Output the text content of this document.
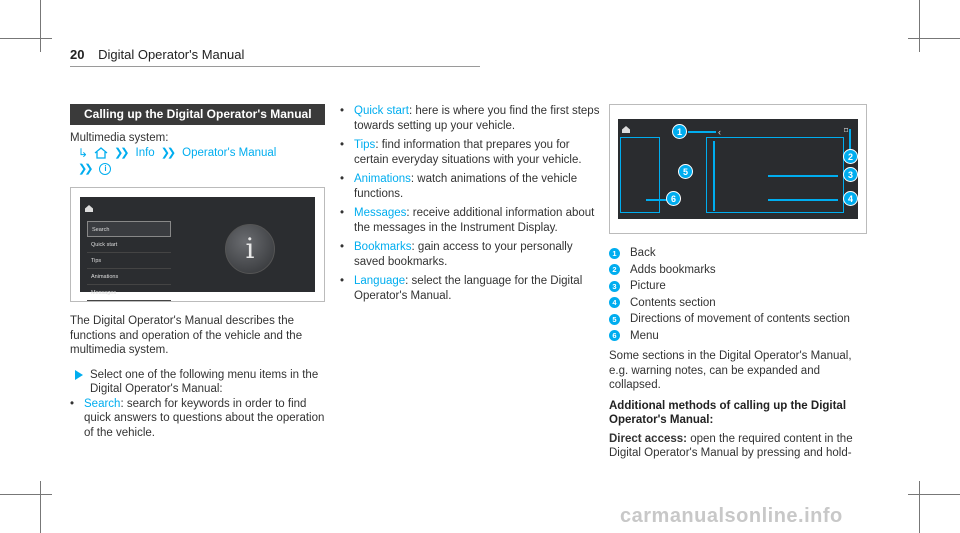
20 Digital Operator's Manual
Calling up the Digital Operator's Manual
Multimedia system:
↳ ❯❯ Info ❯❯ Operator's Manual
❯❯	i
Search
Quick start
Tips
Animations
Messages
i
The Digital Operator's Manual describes the functions and operation of the vehicle and the multimedia system.
Select one of the following menu items in the Digital Operator's Manual:
• Search: search for keywords in order to find quick answers to questions about the operation of the vehicle.
• Quick start: here is where you find the first steps towards setting up your vehicle.
• Tips: find information that prepares you for certain everyday situations with your vehicle.
• Animations: watch animations of the vehicle functions.
• Messages: receive additional information about the messages in the Instrument Display.
• Bookmarks: gain access to your personally saved bookmarks.
• Language: select the language for the Digital Operator's Manual.
‹	⌑
1
2
3
4
5
6
1 Back
2 Adds bookmarks
3 Picture
4 Contents section
5 Directions of movement of contents section
6 Menu
Some sections in the Digital Operator's Manual, e.g. warning notes, can be expanded and collapsed.
Additional methods of calling up the Digital Operator's Manual:
Direct access: open the required content in the Digital Operator's Manual by pressing and hold-
carmanualsonline.info
